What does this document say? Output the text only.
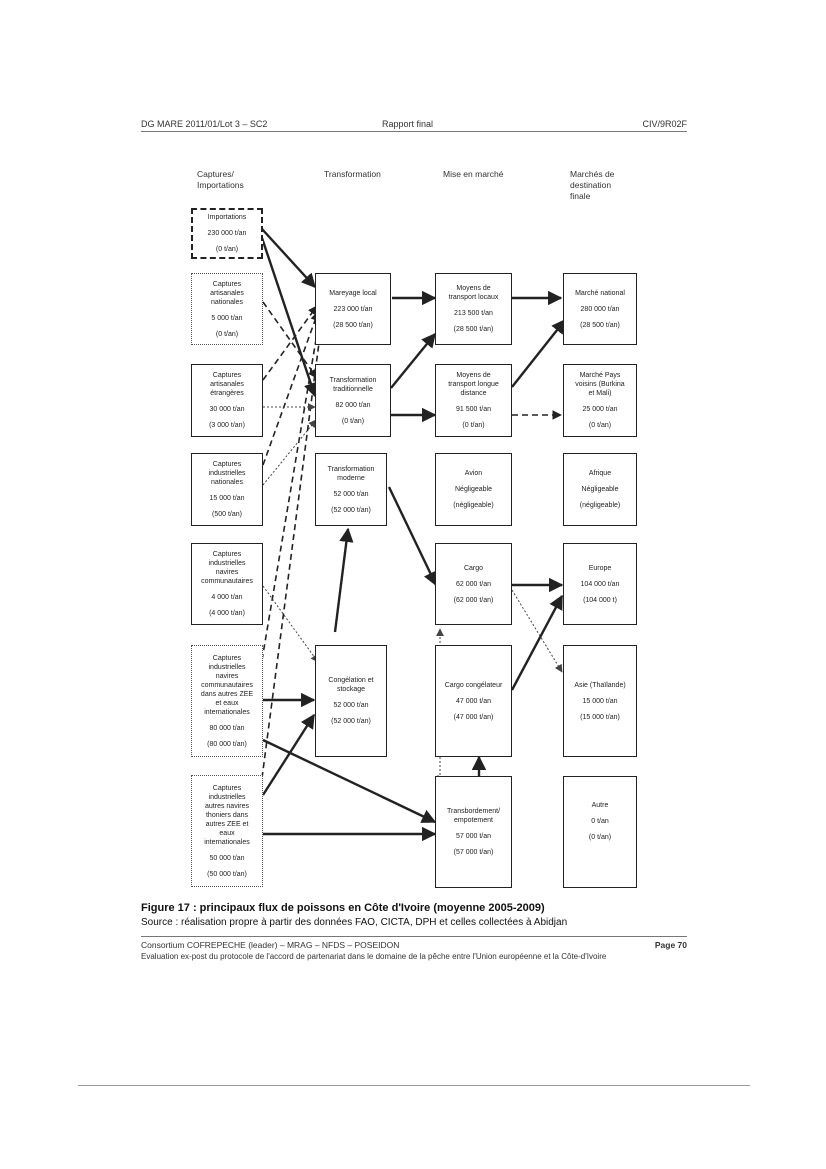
DG MARE 2011/01/Lot 3 – SC2	Rapport final	CIV/9R02F
Captures/
Importations
Transformation	Mise en marché	Marchés de
destination
finale
Importations
230 000 t/an
(0 t/an)
Captures
artisanales
nationales
5 000 t/an
(0 t/an)
Captures
artisanales
étrangères
30 000 t/an
(3 000 t/an)
Captures
industrielles
nationales
15 000 t/an
(500 t/an)
Captures
industrielles
navires
communautaires
4 000 t/an
(4 000 t/an)
Captures
industrielles
navires
communautaires
dans autres ZEE
et eaux
internationales
80 000 t/an
(80 000 t/an)
Captures
industrielles
autres navires
thoniers dans
autres ZEE et
eaux
internationales
50 000 t/an
(50 000 t/an)
Mareyage local
223 000 t/an
(28 500 t/an)
Transformation
traditionnelle
82 000 t/an
(0 t/an)
Transformation
moderne
52 000 t/an
(52 000 t/an)
Congélation et
stockage
52 000 t/an
(52 000 t/an)
Moyens de
transport locaux
213 500 t/an
(28 500 t/an)
Moyens de
transport longue
distance
91 500 t/an
(0 t/an)
Avion
Négligeable
(négligeable)
Cargo
62 000 t/an
(62 000 t/an)
Cargo congélateur
47 000 t/an
(47 000 t/an)
Transbordement/
empotement
57 000 t/an
(57 000 t/an)
Marché national
280 000 t/an
(28 500 t/an)
Marché Pays
voisins (Burkina
et Mali)
25 000 t/an
(0 t/an)
Afrique
Négligeable
(négligeable)
Europe
104 000 t/an
(104 000 t)
Asie (Thaïlande)
15 000 t/an
(15 000 t/an)
Autre
0 t/an
(0 t/an)
Figure 17 : principaux flux de poissons en Côte d'Ivoire (moyenne 2005-2009)
Source : réalisation propre à partir des données FAO, CICTA, DPH et celles collectées à Abidjan
Consortium COFREPECHE (leader) – MRAG – NFDS – POSEIDON	Page 70
Evaluation ex-post du protocole de l'accord de partenariat dans le domaine de la pêche entre l'Union européenne et la Côte-d'Ivoire
